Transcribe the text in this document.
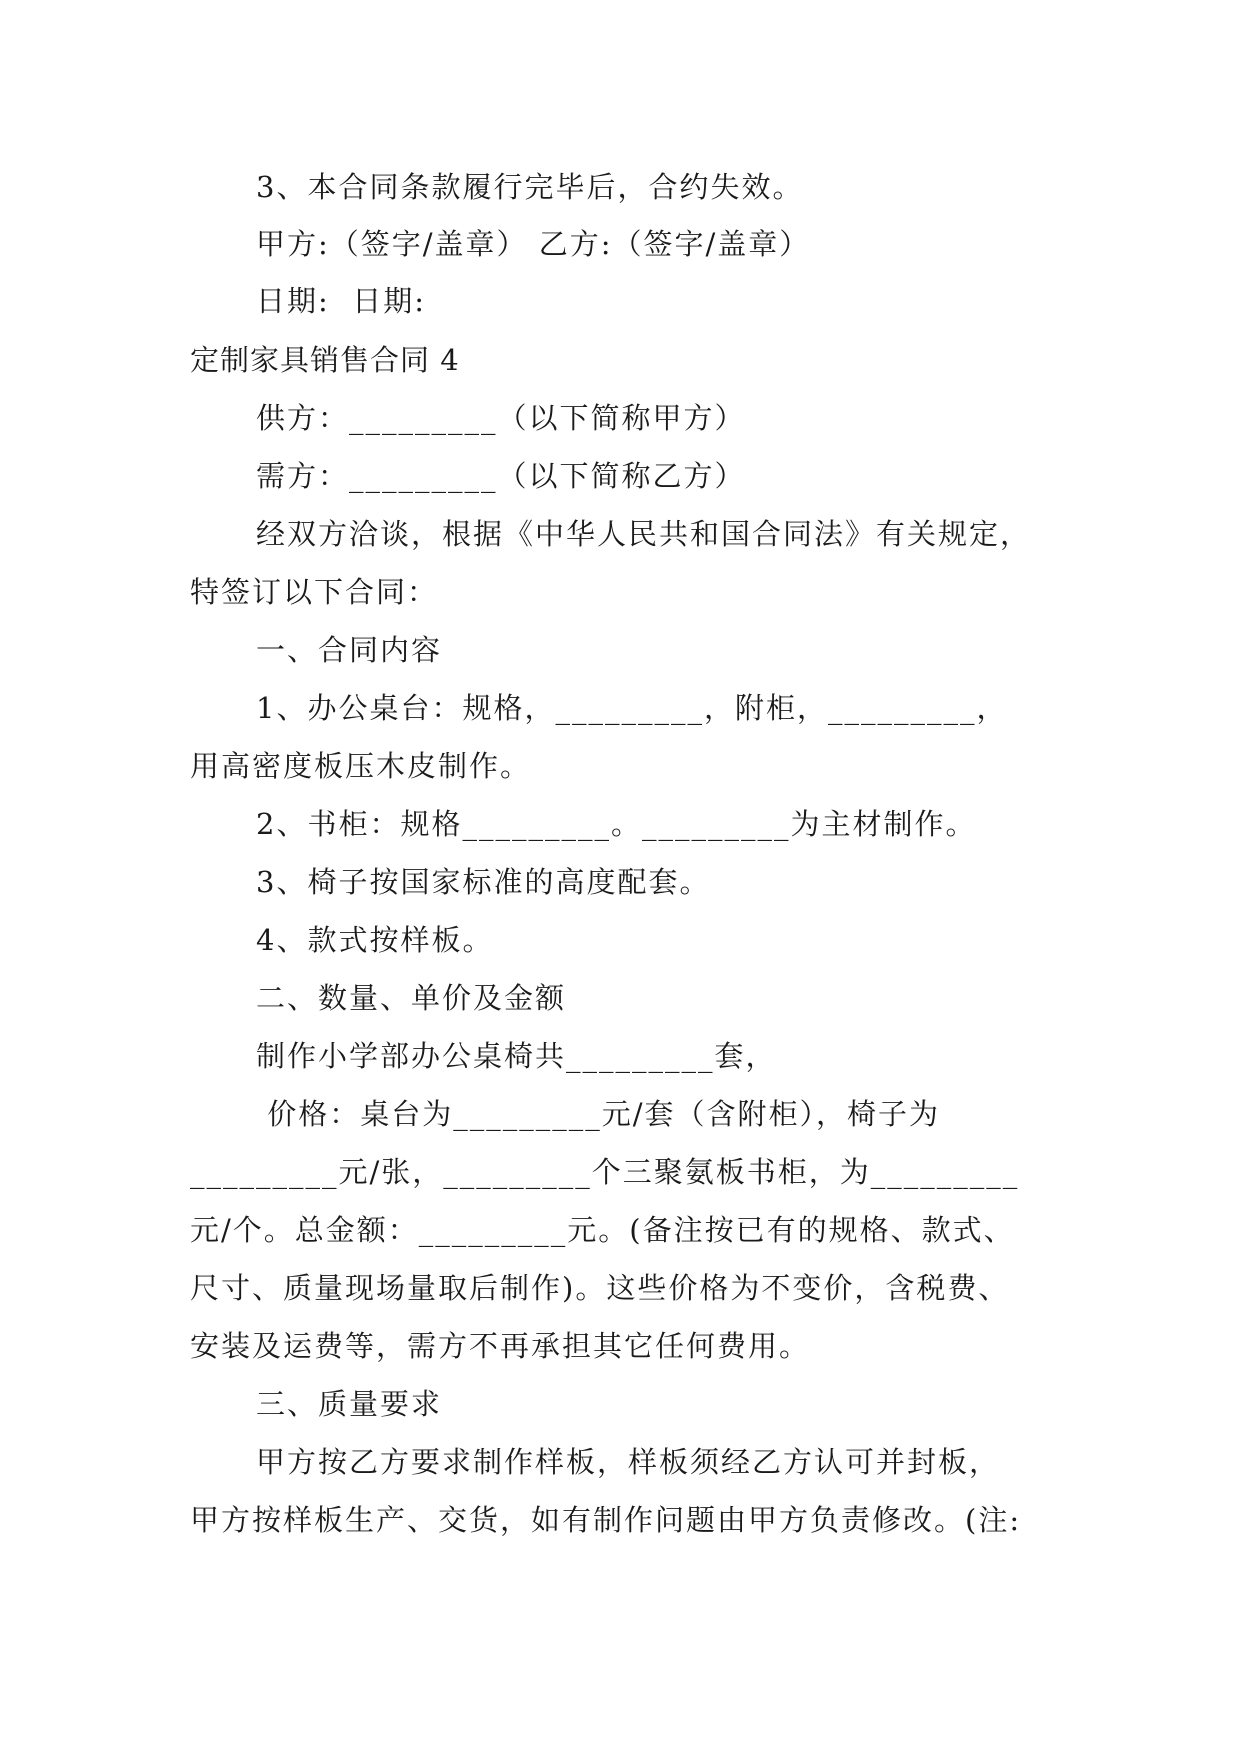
3、本合同条款履行完毕后，合约失效。
甲方:（签字/盖章） 乙方:（签字/盖章）
日期:  日期:
定制家具销售合同 4
供方：_________（以下简称甲方）
需方：_________（以下简称乙方）
经双方洽谈，根据《中华人民共和国合同法》有关规定，
特签订以下合同：
一、合同内容
1、办公桌台：规格，_________，附柜，_________，
用高密度板压木皮制作。
2、书柜：规格_________。_________为主材制作。
3、椅子按国家标准的高度配套。
4、款式按样板。
二、数量、单价及金额
制作小学部办公桌椅共_________套，
价格：桌台为_________元/套（含附柜），椅子为
_________元/张，_________个三聚氨板书柜，为_________
元/个。总金额：_________元。(备注按已有的规格、款式、
尺寸、质量现场量取后制作)。这些价格为不变价，含税费、
安装及运费等，需方不再承担其它任何费用。
三、质量要求
甲方按乙方要求制作样板，样板须经乙方认可并封板，
甲方按样板生产、交货，如有制作问题由甲方负责修改。(注:
